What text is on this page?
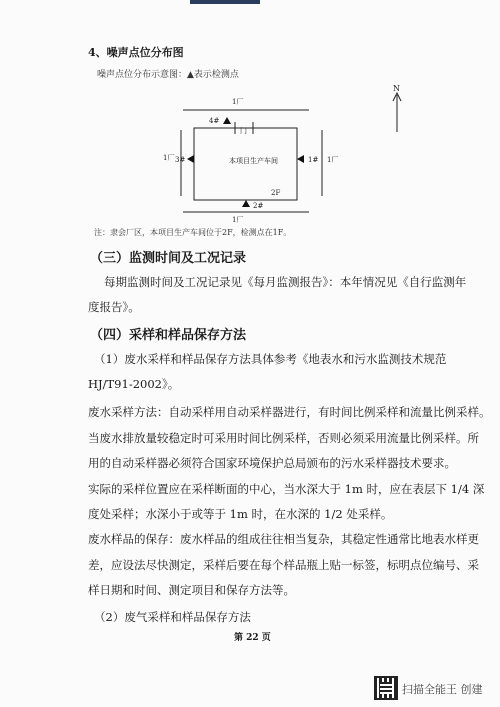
4、噪声点位分布图
噪声点位分布示意图：▲表示检测点
1厂
1厂
1厂	1厂
门
4#
1#
3#
2#
本项目生产车间
2F
N
注：隶会厂区，本项目生产车间位于2F，检测点在1F。
（三）监测时间及工况记录
每期监测时间及工况记录见《每月监测报告》：本年情况见《自行监测年
度报告》。
（四）采样和样品保存方法
（1）废水采样和样品保存方法具体参考《地表水和污水监测技术规范
HJ/T91-2002》。
废水采样方法：自动采样用自动采样器进行，有时间比例采样和流量比例采样。
当废水排放量较稳定时可采用时间比例采样，否则必须采用流量比例采样。所
用的自动采样器必须符合国家环境保护总局颁布的污水采样器技术要求。
实际的采样位置应在采样断面的中心，当水深大于 1m 时，应在表层下 1/4 深
度处采样；水深小于或等于 1m 时，在水深的 1/2 处采样。
废水样品的保存：废水样品的组成往往相当复杂，其稳定性通常比地表水样更
差，应设法尽快测定，采样后要在每个样品瓶上贴一标签，标明点位编号、采
样日期和时间、测定项目和保存方法等。
（2）废气采样和样品保存方法
第 22 页
扫描全能王 创建
